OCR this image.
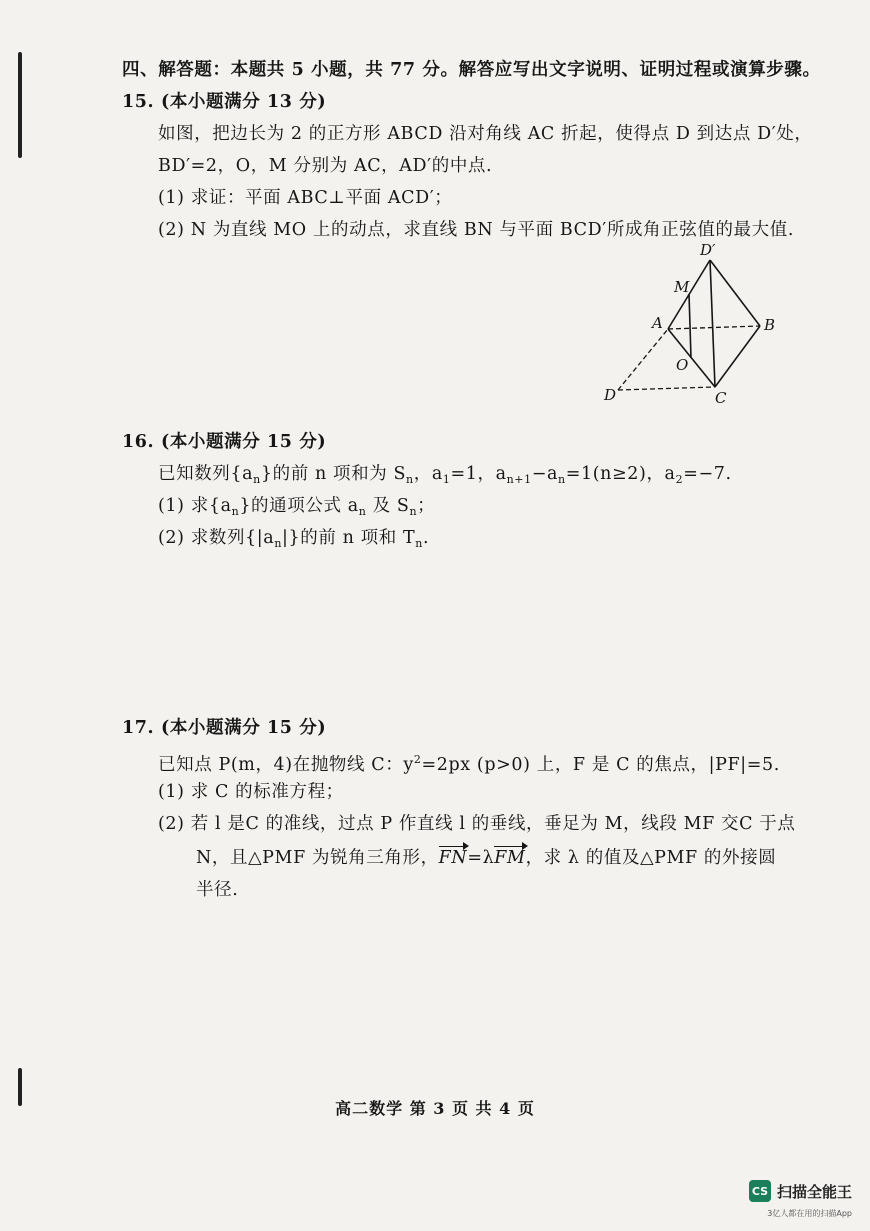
四、解答题：本题共 5 小题，共 77 分。解答应写出文字说明、证明过程或演算步骤。
15. (本小题满分 13 分)
如图，把边长为 2 的正方形 ABCD 沿对角线 AC 折起，使得点 D 到达点 D′处，
BD′=2，O，M 分别为 AC，AD′的中点.
(1) 求证：平面 ABC⊥平面 ACD′；
(2) N 为直线 MO 上的动点，求直线 BN 与平面 BCD′所成角正弦值的最大值.
D′
M
A	B
O
D	C
16. (本小题满分 15 分)
已知数列$\{a_n\}$的前 n 项和为 $S_n$，$a_1=1$，$a_{n+1}-a_n=1(n\ge 2)$，$a_2=-7$.
(1) 求$\{a_n\}$的通项公式 $a_n$ 及 $S_n$；
(2) 求数列$\{|a_n|\}$的前 n 项和 $T_n$.
17. (本小题满分 15 分)
已知点 P(m，4)在抛物线 C：$y^2=2px$ (p>0) 上，F 是 C 的焦点，|PF|=5.
(1) 求 C 的标准方程；
(2) 若 l 是C 的准线，过点 P 作直线 l 的垂线，垂足为 M，线段 MF 交C 于点
N，且△PMF 为锐角三角形，FN=λFM，求 λ 的值及△PMF 的外接圆
半径.
高二数学 第 3 页 共 4 页
CS 扫描全能王
3亿人都在用的扫描App
